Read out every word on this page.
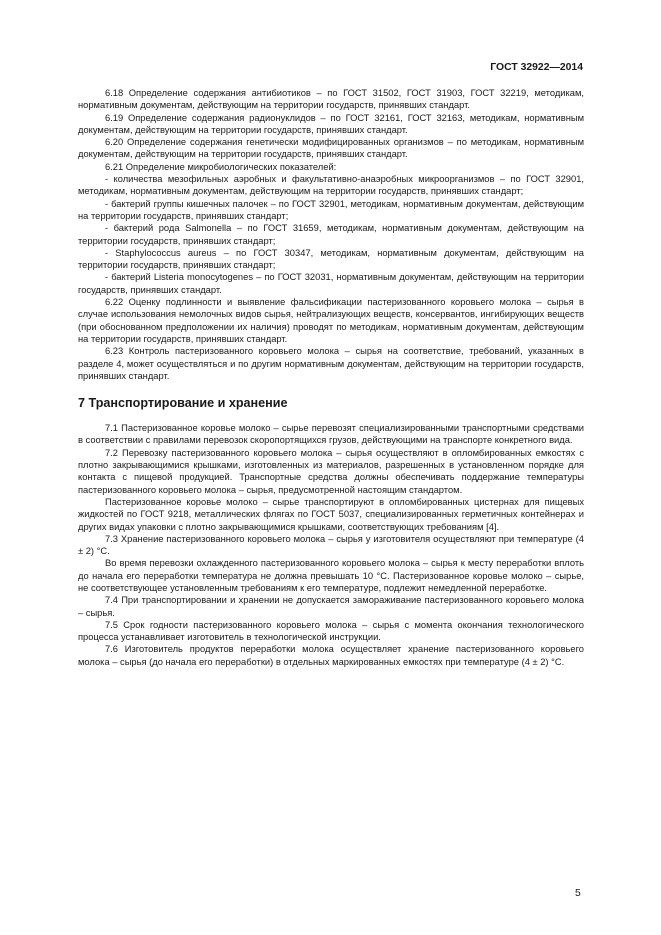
ГОСТ 32922—2014

6.18 Определение содержания антибиотиков – по ГОСТ 31502, ГОСТ 31903, ГОСТ 32219, методикам, нормативным документам, действующим на территории государств, принявших стандарт.

6.19 Определение содержания радионуклидов – по ГОСТ 32161, ГОСТ 32163, методикам, нормативным документам, действующим на территории государств, принявших стандарт.

6.20 Определение содержания генетически модифицированных организмов – по методикам, нормативным документам, действующим на территории государств, принявших стандарт.

6.21 Определение микробиологических показателей:

- количества мезофильных аэробных и факультативно-анаэробных микроорганизмов – по ГОСТ 32901, методикам, нормативным документам, действующим на территории государств, принявших стандарт;

- бактерий группы кишечных палочек – по ГОСТ 32901, методикам, нормативным документам, действующим на территории государств, принявших стандарт;

- бактерий рода Salmonella – по ГОСТ 31659, методикам, нормативным документам, действующим на территории государств, принявших стандарт;

- Staphylococcus aureus – по ГОСТ 30347, методикам, нормативным документам, действующим на территории государств, принявших стандарт;

- бактерий Listeria monocytogenes – по ГОСТ 32031, нормативным документам, действующим на территории государств, принявших стандарт.

6.22 Оценку подлинности и выявление фальсификации пастеризованного коровьего молока – сырья в случае использования немолочных видов сырья, нейтрализующих веществ, консервантов, ингибирующих веществ (при обоснованном предположении их наличия) проводят по методикам, нормативным документам, действующим на территории государств, принявших стандарт.

6.23 Контроль пастеризованного коровьего молока – сырья на соответствие, требований, указанных в разделе 4, может осуществляться и по другим нормативным документам, действующим на территории государств, принявших стандарт.

7 Транспортирование и хранение

7.1 Пастеризованное коровье молоко – сырье перевозят специализированными транспортными средствами в соответствии с правилами перевозок скоропортящихся грузов, действующими на транспорте конкретного вида.

7.2 Перевозку пастеризованного коровьего молока – сырья осуществляют в опломбированных емкостях с плотно закрывающимися крышками, изготовленных из материалов, разрешенных в установленном порядке для контакта с пищевой продукцией. Транспортные средства должны обеспечивать поддержание температуры пастеризованного коровьего молока – сырья, предусмотренной настоящим стандартом.

Пастеризованное коровье молоко – сырье транспортируют в опломбированных цистернах для пищевых жидкостей по ГОСТ 9218, металлических флягах по ГОСТ 5037, специализированных герметичных контейнерах и других видах упаковки с плотно закрывающимися крышками, соответствующих требованиям [4].

7.3 Хранение пастеризованного коровьего молока – сырья у изготовителя осуществляют при температуре (4 ± 2) °С.

Во время перевозки охлажденного пастеризованного коровьего молока – сырья к месту переработки вплоть до начала его переработки температура не должна превышать 10 °С. Пастеризованное коровье молоко – сырье, не соответствующее установленным требованиям к его температуре, подлежит немедленной переработке.

7.4 При транспортировании и хранении не допускается замораживание пастеризованного коровьего молока – сырья.

7.5 Срок годности пастеризованного коровьего молока – сырья с момента окончания технологического процесса устанавливает изготовитель в технологической инструкции.

7.6 Изготовитель продуктов переработки молока осуществляет хранение пастеризованного коровьего молока – сырья (до начала его переработки) в отдельных маркированных емкостях при температуре (4 ± 2) °С.

5
